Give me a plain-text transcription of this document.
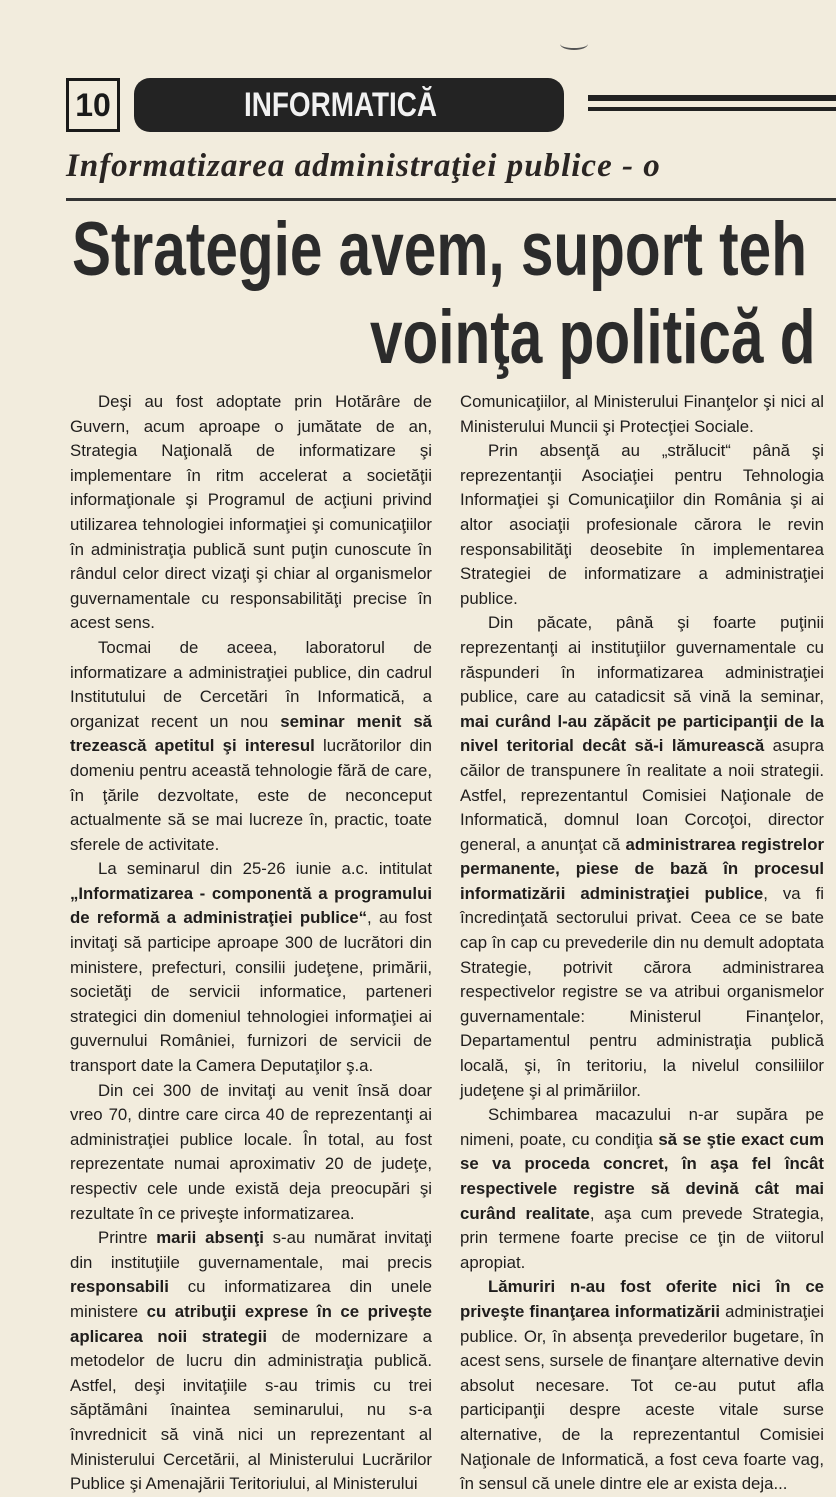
10	INFORMATICĂ
Informatizarea administraţiei publice - o
Strategie avem, suport teh
voinţa politică d

Deşi au fost adoptate prin Hotărâre de Guvern, acum aproape o jumătate de an, Strategia Naţională de informatizare şi implementare în ritm accelerat a societăţii informaţionale şi Programul de acţiuni privind utilizarea tehnologiei informaţiei şi comunicaţiilor în administraţia publică sunt puţin cunoscute în rândul celor direct vizaţi şi chiar al organismelor guvernamentale cu responsabilităţi precise în acest sens.

Tocmai de aceea, laboratorul de informatizare a administraţiei publice, din cadrul Institutului de Cercetări în Informatică, a organizat recent un nou seminar menit să trezească apetitul şi interesul lucrătorilor din domeniu pentru această tehnologie fără de care, în ţările dezvoltate, este de neconceput actualmente să se mai lucreze în, practic, toate sferele de activitate.

La seminarul din 25-26 iunie a.c. intitulat „Informatizarea - componentă a programului de reformă a administraţiei publice“, au fost invitaţi să participe aproape 300 de lucrători din ministere, prefecturi, consilii judeţene, primării, societăţi de servicii informatice, parteneri strategici din domeniul tehnologiei informaţiei ai guvernului României, furnizori de servicii de transport date la Camera Deputaţilor ş.a.

Din cei 300 de invitaţi au venit însă doar vreo 70, dintre care circa 40 de reprezentanţi ai administraţiei publice locale. În total, au fost reprezentate numai aproximativ 20 de judeţe, respectiv cele unde există deja preocupări şi rezultate în ce priveşte informatizarea.

Printre marii absenţi s-au numărat invitaţi din instituţiile guvernamentale, mai precis responsabili cu informatizarea din unele ministere cu atribuţii exprese în ce priveşte aplicarea noii strategii de modernizare a metodelor de lucru din administraţia publică. Astfel, deşi invitaţiile s-au trimis cu trei săptămâni înaintea seminarului, nu s-a învrednicit să vină nici un reprezentant al Ministerului Cercetării, al Ministerului Lucrărilor Publice şi Amenajării Teritoriului, al Ministerului

Comunicaţiilor, al Ministerului Finanţelor şi nici al Ministerului Muncii şi Protecţiei Sociale.

Prin absenţă au „strălucit“ până şi reprezentanţii Asociaţiei pentru Tehnologia Informaţiei şi Comunicaţiilor din România şi ai altor asociaţii profesionale cărora le revin responsabilităţi deosebite în implementarea Strategiei de informatizare a administraţiei publice.

Din păcate, până şi foarte puţinii reprezentanţi ai instituţiilor guvernamentale cu răspunderi în informatizarea administraţiei publice, care au catadicsit să vină la seminar, mai curând l-au zăpăcit pe participanţii de la nivel teritorial decât să-i lămurească asupra căilor de transpunere în realitate a noii strategii. Astfel, reprezentantul Comisiei Naţionale de Informatică, domnul Ioan Corcoţoi, director general, a anunţat că administrarea registrelor permanente, piese de bază în procesul informatizării administraţiei publice, va fi încredinţată sectorului privat. Ceea ce se bate cap în cap cu prevederile din nu demult adoptata Strategie, potrivit cărora administrarea respectivelor registre se va atribui organismelor guvernamentale: Ministerul Finanţelor, Departamentul pentru administraţia publică locală, şi, în teritoriu, la nivelul consiliilor judeţene şi al primăriilor.

Schimbarea macazului n-ar supăra pe nimeni, poate, cu condiţia să se ştie exact cum se va proceda concret, în aşa fel încât respectivele registre să devină cât mai curând realitate, aşa cum prevede Strategia, prin termene foarte precise ce ţin de viitorul apropiat.

Lămuriri n-au fost oferite nici în ce priveşte finanţarea informatizării administraţiei publice. Or, în absenţa prevederilor bugetare, în acest sens, sursele de finanţare alternative devin absolut necesare. Tot ce-au putut afla participanţii despre aceste vitale surse alternative, de la reprezentantul Comisiei Naţionale de Informatică, a fost ceva foarte vag, în sensul că unele dintre ele ar exista deja...
